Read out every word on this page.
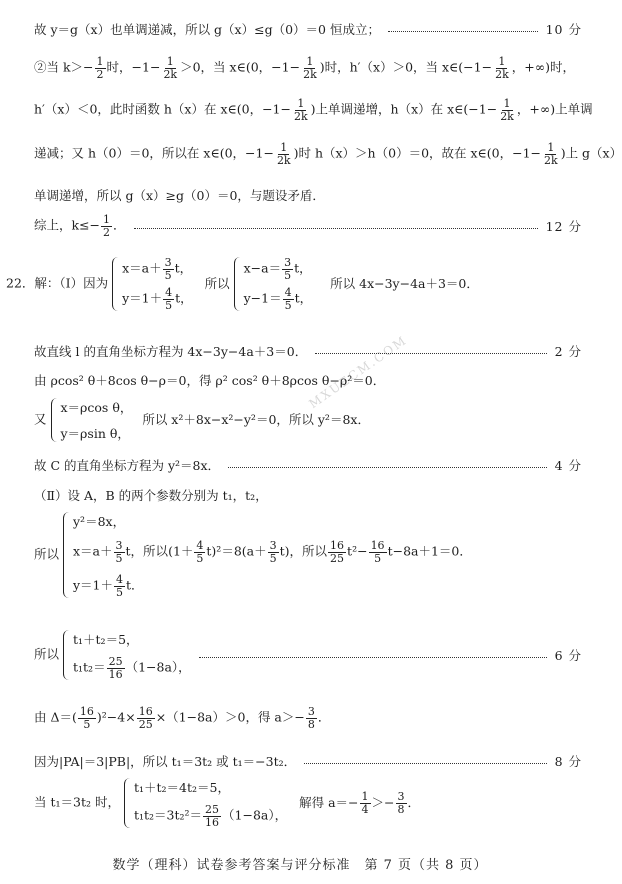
MXUECM.COM
故 y＝g（x）也单调递减，所以 g（x）≤g（0）＝0 恒成立；	10 分
②当 $k>- \frac{1}{2}$ 时，$-1- \frac{1}{2k} >0$，当 x∈(0，$-1- \frac{1}{2k}$ )时，h′（x）＞0，当 x∈(−1− $\frac{1}{2k}$ ，+∞)时，
h′（x）＜0，此时函数 h（x）在 x∈(0，$-1- \frac{1}{2k}$ )上单调递增，h（x）在 x∈(−1− $\frac{1}{2k}$ ，+∞)上单调
递减；又 h（0）＝0，所以在 x∈(0，$-1- \frac{1}{2k}$ )时 h（x）＞h（0）＝0，故在 x∈(0，$-1- \frac{1}{2k}$ )上 g（x）
单调递增，所以 g（x）≥g（0）＝0，与题设矛盾．
综上，$k\le- \frac{1}{2}$ ．	12 分
22．解：（Ⅰ）因为
$x=a+ \frac{3}{5}$ t，
$y=1+ \frac{4}{5}$ t，
所以
$x-a= \frac{3}{5}$ t，
$y-1= \frac{4}{5}$ t，
所以 4x−3y−4a＋3＝0．
故直线 l 的直角坐标方程为 4x−3y−4a＋3＝0．	2 分
由 ρcos² θ＋8cos θ−ρ＝0，得 ρ² cos² θ＋8ρcos θ−ρ²＝0．
又
x＝ρcos θ，
y＝ρsin θ，
所以 x²＋8x−x²−y²＝0，所以 y²＝8x．
故 C 的直角坐标方程为 y²＝8x．	4 分
（Ⅱ）设 A，B 的两个参数分别为 t₁，t₂，
所以
y²＝8x，
$x=a+ \frac{3}{5}$ t，所以$(1+ \frac{4}{5} t)^2=8(a+ \frac{3}{5} t)$，所以 $\frac{16}{25} t^2- \frac{16}{5} t-8a+1=0$．
$y=1+ \frac{4}{5}$ t．
所以
t₁＋t₂＝5，
$t_1t_2= \frac{25}{16} (1-8a)$，
6 分
由 $\Delta=( \frac{16}{5} )^2-4\times \frac{16}{25} \times(1-8a)>0$，得 $a>- \frac{3}{8}$ ．
因为|PA|＝3|PB|，所以 t₁＝3t₂ 或 t₁＝−3t₂．	8 分
当 t₁＝3t₂ 时，
t₁＋t₂＝4t₂＝5，
$t_1t_2=3t_2^2= \frac{25}{16} (1-8a)$，
解得 $a=- \frac{1}{4} >- \frac{3}{8}$ ．
数学（理科）试卷参考答案与评分标准　第 7 页（共 8 页）
